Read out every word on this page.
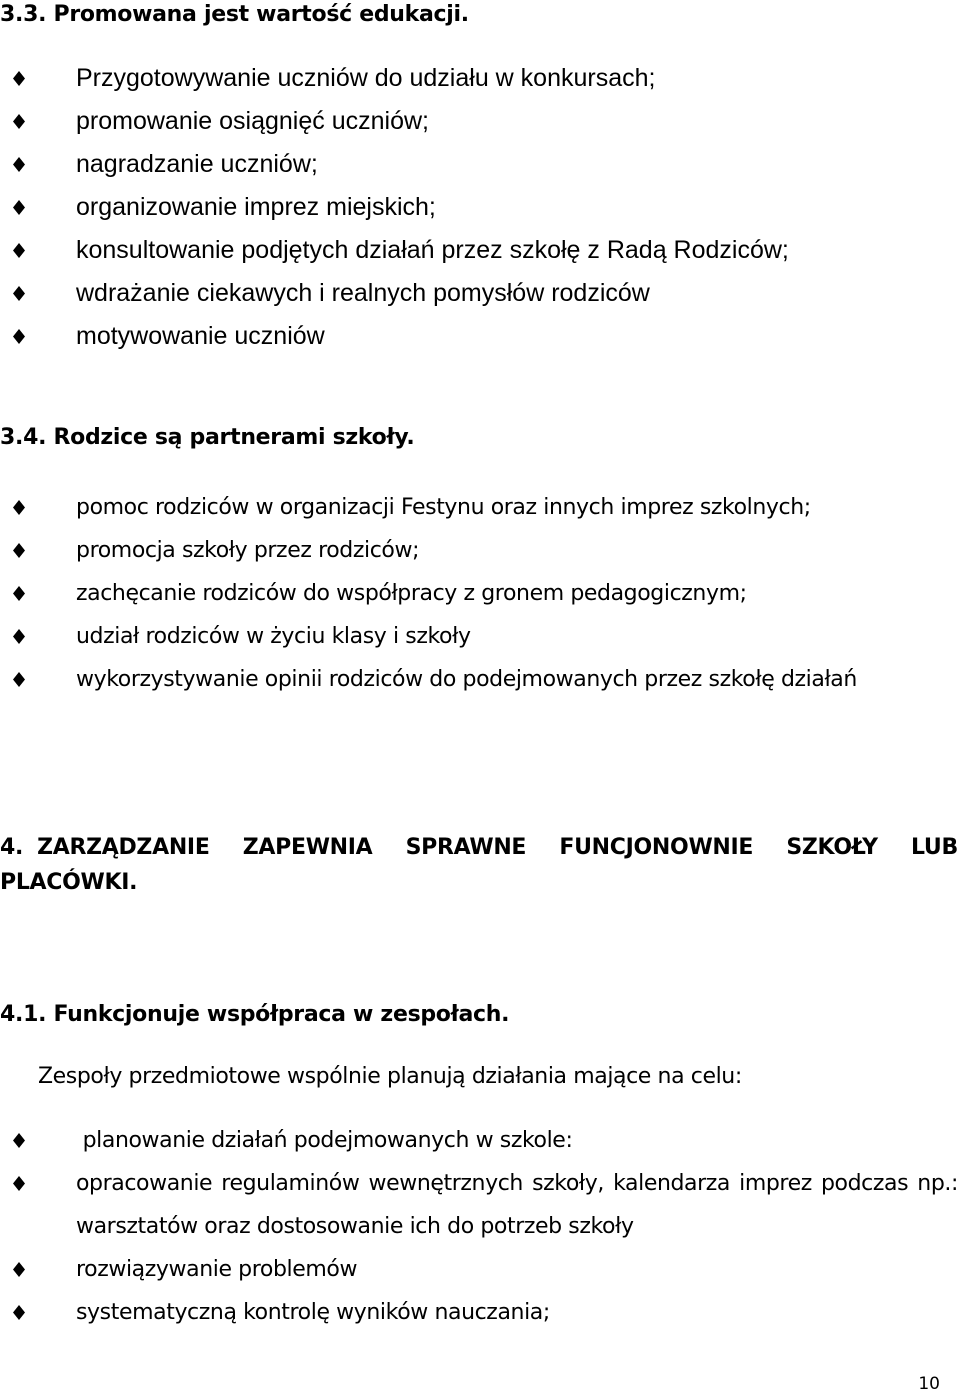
3.3. Promowana jest wartość edukacji.
Przygotowywanie uczniów do udziału w konkursach;
promowanie osiągnięć uczniów;
nagradzanie uczniów;
organizowanie imprez miejskich;
konsultowanie podjętych działań przez szkołę z Radą Rodziców;
wdrażanie ciekawych i realnych pomysłów rodziców
motywowanie uczniów
3.4. Rodzice są partnerami szkoły.
pomoc rodziców w organizacji Festynu oraz innych imprez szkolnych;
promocja szkoły przez rodziców;
zachęcanie rodziców do współpracy z gronem pedagogicznym;
udział rodziców w życiu klasy i szkoły
wykorzystywanie opinii rodziców do podejmowanych przez szkołę działań
4. ZARZĄDZANIE ZAPEWNIA SPRAWNE FUNCJONOWNIE SZKOŁY LUB
PLACÓWKI.
4.1. Funkcjonuje współpraca w zespołach.

Zespoły przedmiotowe wspólnie planują działania mające na celu:

planowanie działań podejmowanych w szkole:
opracowanie regulaminów wewnętrznych szkoły, kalendarza imprez podczas np.: warsztatów oraz dostosowanie ich do potrzeb szkoły
rozwiązywanie problemów
systematyczną kontrolę wyników nauczania;

10
